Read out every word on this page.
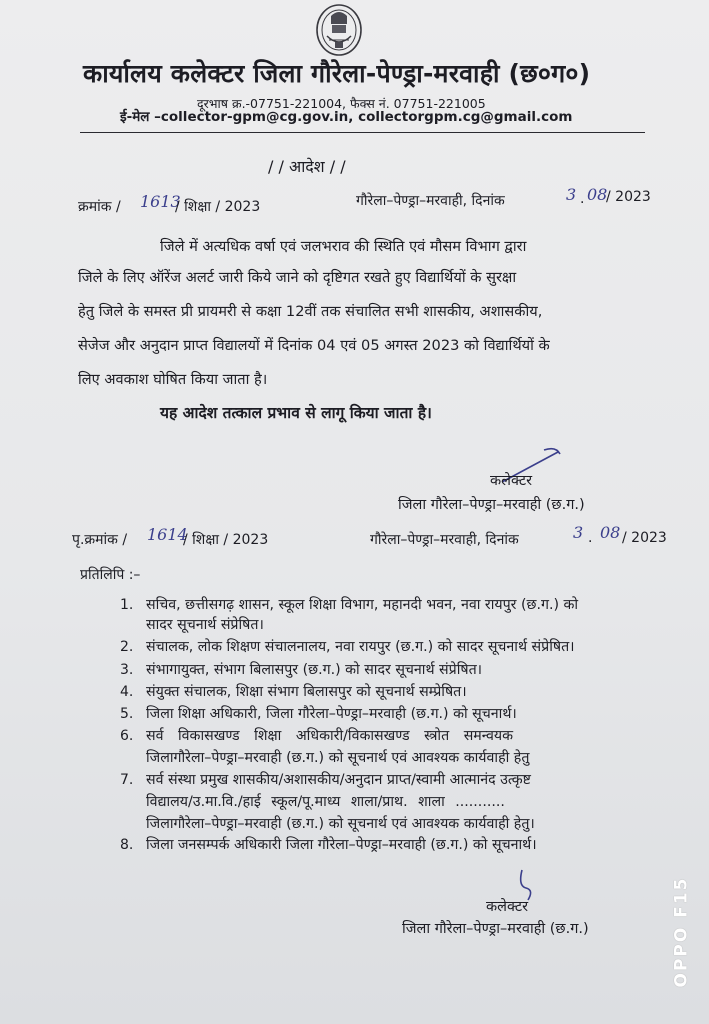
कार्यालय कलेक्टर जिला गौरेला-पेण्ड्रा-मरवाही (छ०ग०)
दूरभाष क्र.-07751-221004, फैक्स नं. 07751-221005
ई-मेल –collector-gpm@cg.gov.in, collectorgpm.cg@gmail.com
/ / आदेश / /
क्रमांक / 1613
/ शिक्षा / 2023	गौरेला–पेण्ड्रा–मरवाही, दिनांक	3 . 08
/ 2023
जिले में अत्यधिक वर्षा एवं जलभराव की स्थिति एवं मौसम विभाग द्वारा
जिले के लिए ऑरेंज अलर्ट जारी किये जाने को दृष्टिगत रखते हुए विद्यार्थियों के सुरक्षा
हेतु जिले के समस्त प्री प्रायमरी से कक्षा 12वीं तक संचालित सभी शासकीय, अशासकीय,
सेजेज और अनुदान प्राप्त विद्यालयों में दिनांक 04 एवं 05 अगस्त 2023 को विद्यार्थियों के
लिए अवकाश घोषित किया जाता है।
यह आदेश तत्काल प्रभाव से लागू किया जाता है।
कलेक्टर
जिला गौरेला–पेण्ड्रा–मरवाही (छ.ग.)
पृ.क्रमांक / 1614
/ शिक्षा / 2023	गौरेला–पेण्ड्रा–मरवाही, दिनांक	3 . 08 / 2023
प्रतिलिपि :–
1. सचिव, छत्तीसगढ़ शासन, स्कूल शिक्षा विभाग, महानदी भवन, नवा रायपुर (छ.ग.) को
सादर सूचनार्थ संप्रेषित।
2. संचालक, लोक शिक्षण संचालनालय, नवा रायपुर (छ.ग.) को सादर सूचनार्थ संप्रेषित।
3. संभागायुक्त, संभाग बिलासपुर (छ.ग.) को सादर सूचनार्थ संप्रेषित।
4. संयुक्त संचालक, शिक्षा संभाग बिलासपुर को सूचनार्थ सम्प्रेषित।
5. जिला शिक्षा अधिकारी, जिला गौरेला–पेण्ड्रा–मरवाही (छ.ग.) को सूचनार्थ।
6. सर्व विकासखण्ड शिक्षा अधिकारी/विकासखण्ड स्त्रोत समन्वयक
जिलागौरेला–पेण्ड्रा–मरवाही (छ.ग.) को सूचनार्थ एवं आवश्यक कार्यवाही हेतु
7. सर्व संस्था प्रमुख शासकीय/अशासकीय/अनुदान प्राप्त/स्वामी आत्मानंद उत्कृष्ट
विद्यालय/उ.मा.वि./हाई स्कूल/पू.माध्य शाला/प्राथ. शाला ...........
जिलागौरेला–पेण्ड्रा–मरवाही (छ.ग.) को सूचनार्थ एवं आवश्यक कार्यवाही हेतु।
8. जिला जनसम्पर्क अधिकारी जिला गौरेला–पेण्ड्रा–मरवाही (छ.ग.) को सूचनार्थ।
कलेक्टर
जिला गौरेला–पेण्ड्रा–मरवाही (छ.ग.)	OPPO F15
